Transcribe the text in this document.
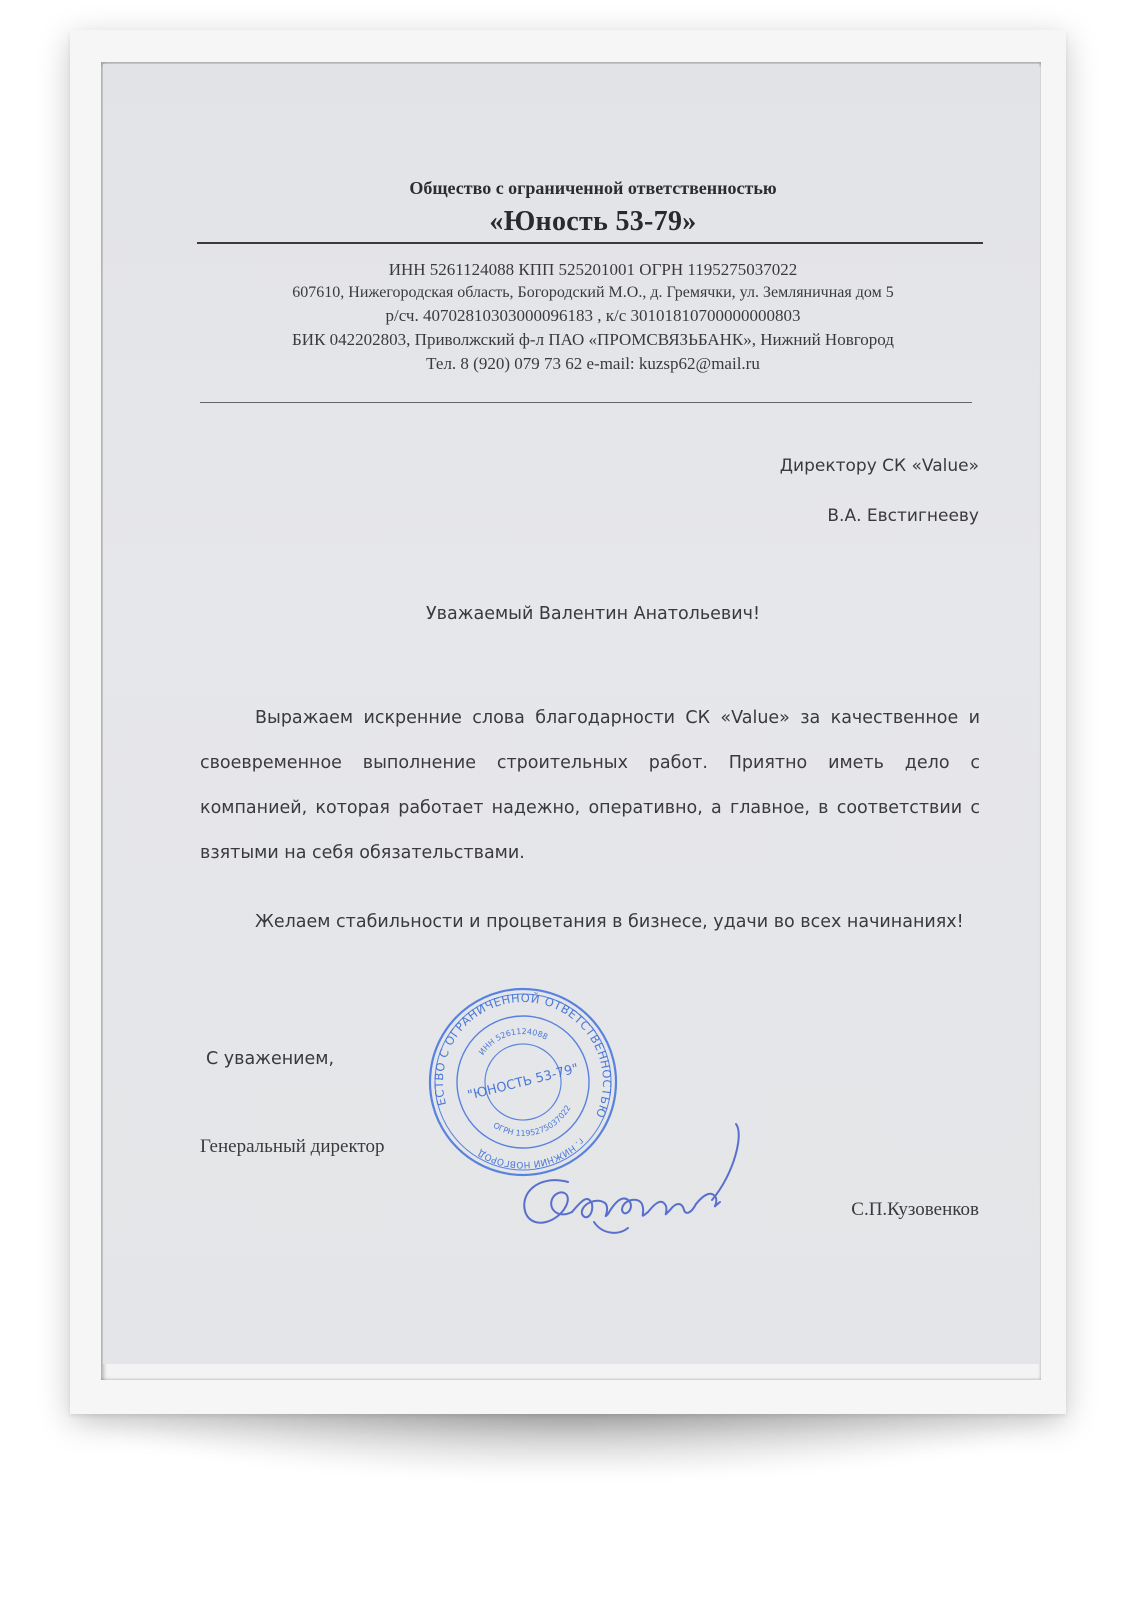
Общество с ограниченной ответственностью
«Юность 53-79»
ИНН 5261124088 КПП 525201001 ОГРН 1195275037022
607610, Нижегородская область, Богородский М.О., д. Гремячки, ул. Земляничная дом 5
р/сч. 40702810303000096183 , к/с 30101810700000000803
БИК 042202803, Приволжский ф-л ПАО «ПРОМСВЯЗЬБАНК», Нижний Новгород
Тел. 8 (920) 079 73 62 e-mail: kuzsp62@mail.ru
Директору СК «Value»
В.А. Евстигнееву
Уважаемый Валентин Анатольевич!
Выражаем искренние слова благодарности СК «Value» за качественное и своевременное выполнение строительных работ. Приятно иметь дело с компанией, которая работает надежно, оперативно, а главное, в соответствии с взятыми на себя обязательствами.
Желаем стабильности и процветания в бизнесе, удачи во всех начинаниях!
С уважением,
Генеральный директор
С.П.Кузовенков
ОБЩЕСТВО С ОГРАНИЧЕННОЙ ОТВЕТСТВЕННОСТЬЮ
ИНН 5261124088
ОГРН 1195275037022
г. НИЖНИЙ НОВГОРОД
"ЮНОСТЬ 53-79"
